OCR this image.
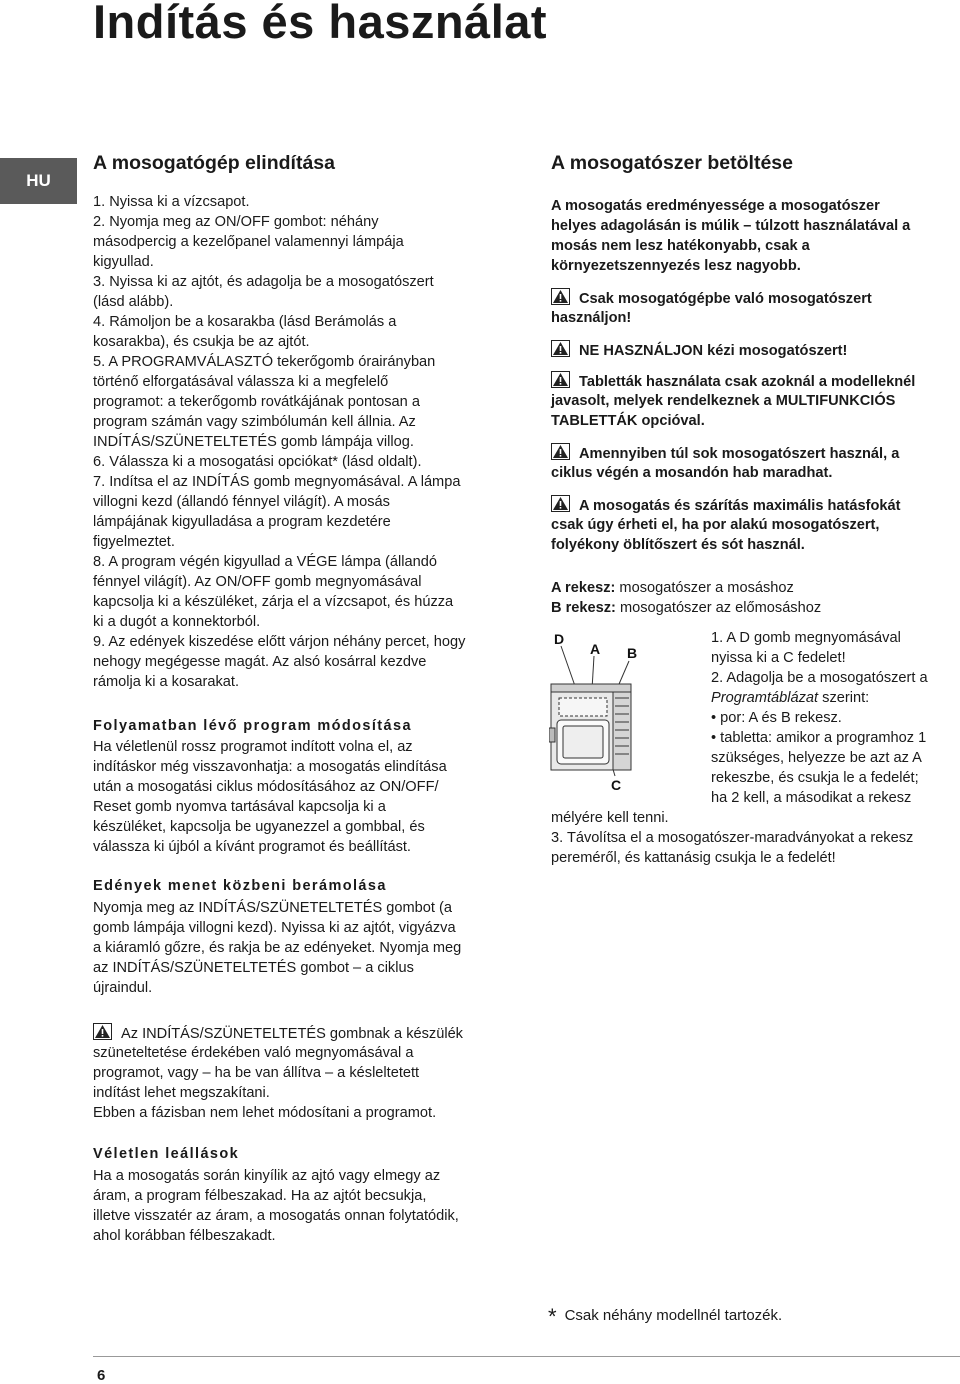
Indítás és használat
HU
A mosogatógép elindítása
1. Nyissa ki a vízcsapot.
2. Nyomja meg az ON/OFF gombot: néhány
másodpercig a kezelőpanel valamennyi lámpája
kigyullad.
3. Nyissa ki az ajtót, és adagolja be a mosogatószert
(lásd alább).
4. Rámoljon be a kosarakba (lásd Berámolás a
kosarakba), és csukja be az ajtót.
5. A PROGRAMVÁLASZTÓ tekerőgomb órairányban
történő elforgatásával válassza ki a megfelelő
programot: a tekerőgomb rovátkájának pontosan a
program számán vagy szimbólumán kell állnia. Az
INDÍTÁS/SZÜNETELTETÉS gomb lámpája villog.
6. Válassza ki a mosogatási opciókat* (lásd oldalt).
7. Indítsa el az INDÍTÁS gomb megnyomásával. A lámpa
villogni kezd (állandó fénnyel világít). A mosás
lámpájának kigyulladása a program kezdetére
figyelmeztet.
8. A program végén kigyullad a VÉGE lámpa (állandó
fénnyel világít). Az ON/OFF gomb megnyomásával
kapcsolja ki a készüléket, zárja el a vízcsapot, és húzza
ki a dugót a konnektorból.
9. Az edények kiszedése előtt várjon néhány percet, hogy
nehogy megégesse magát. Az alsó kosárral kezdve
rámolja ki a kosarakat.
Folyamatban lévő program módosítása
Ha véletlenül rossz programot indított volna el, az
indításkor még visszavonhatja: a mosogatás elindítása
után a mosogatási ciklus módosításához az ON/OFF/
Reset gomb nyomva tartásával kapcsolja ki a
készüléket, kapcsolja be ugyanezzel a gombbal, és
válassza ki újból a kívánt programot és beállítást.
Edények menet közbeni berámolása
Nyomja meg az INDÍTÁS/SZÜNETELTETÉS gombot (a
gomb lámpája villogni kezd). Nyissa ki az ajtót, vigyázva
a kiáramló gőzre, és rakja be az edényeket. Nyomja meg
az INDÍTÁS/SZÜNETELTETÉS gombot – a ciklus
újraindul.
Az INDÍTÁS/SZÜNETELTETÉS gombnak a készülék
szüneteltetése érdekében való megnyomásával a
programot, vagy – ha be van állítva – a késleltetett
indítást lehet megszakítani.
Ebben a fázisban nem lehet módosítani a programot.
Véletlen leállások
Ha a mosogatás során kinyílik az ajtó vagy elmegy az
áram, a program félbeszakad. Ha az ajtót becsukja,
illetve visszatér az áram, a mosogatás onnan folytatódik,
ahol korábban félbeszakadt.
A mosogatószer betöltése
A mosogatás eredményessége a mosogatószer
helyes adagolásán is múlik – túlzott használatával a
mosás nem lesz hatékonyabb, csak a
környezetszennyezés lesz nagyobb.
Csak mosogatógépbe való mosogatószert
használjon!
NE HASZNÁLJON kézi mosogatószert!
Tabletták használata csak azoknál a modelleknél
javasolt, melyek rendelkeznek a MULTIFUNKCIÓS
TABLETTÁK opcióval.
Amennyiben túl sok mosogatószert használ, a
ciklus végén a mosandón hab maradhat.
A mosogatás és szárítás maximális hatásfokát
csak úgy érheti el, ha por alakú mosogatószert,
folyékony öblítőszert és sót használ.
A rekesz: mosogatószer a mosáshoz
B rekesz: mosogatószer az előmosáshoz
D
A B
C
1. A D gomb megnyomásával
nyissa ki a C fedelet!
2. Adagolja be a mosogatószert a
Programtáblázat szerint:
• por: A és B rekesz.
• tabletta: amikor a programhoz 1
szükséges, helyezze be azt az A
rekeszbe, és csukja le a fedelét;
ha 2 kell, a másodikat a rekesz
mélyére kell tenni.
3. Távolítsa el a mosogatószer-maradványokat a rekesz
pereméről, és kattanásig csukja le a fedelét!
* Csak néhány modellnél tartozék.
6
